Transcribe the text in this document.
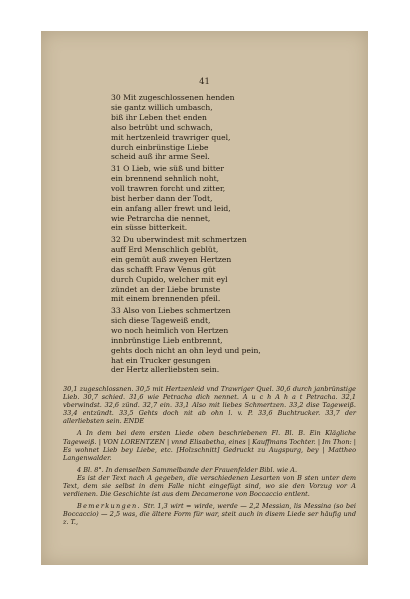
41
30 Mit zugeschlossenen henden
sie gantz willich umbasch,
biß ihr Leben thet enden
also betrübt und schwach,
mit hertzenleid trawriger quel,
durch einbrünstige Liebe
scheid auß ihr arme Seel.
31 O Lieb, wie süß und bitter
ein brennend sehnlich noht,
voll trawren forcht und zitter,
bist herber dann der Todt,
ein anfang aller frewt und leid,
wie Petrarcha die nennet,
ein süsse bitterkeit.
32 Du uberwindest mit schmertzen
auff Erd Menschlich geblüt,
ein gemüt auß zweyen Hertzen
das schafft Fraw Venus güt
durch Cupido, welcher mit eyl
zündet an der Liebe brunste
mit einem brennenden pfeil.
33 Also von Liebes schmertzen
sich diese Tageweiß endt,
wo noch heimlich von Hertzen
innbrünstige Lieb entbrennt,
gehts doch nicht an ohn leyd und pein,
hat ein Trucker gesungen
der Hertz allerliebsten sein.

30,1 zugeschlossnen. 30,5 mit Hertzenleid vnd Trawriger Quel. 30,6 durch janbrünstige Lieb. 30,7 schied. 31,6 wie Petracha dich nennet. A u c h A h a t Petracha. 32,1 vberwindst. 32,6 zünd. 32,7 ein. 33,1 Also mit liebes Schmertzen. 33,2 dise Tageweiß. 33,4 entzündt. 33,5 Gehts doch nit ab ohn l. v. P. 33,6 Buchtrucker. 33,7 der allerliebsten sein. ENDE

A In dem bei dem ersten Liede oben beschriebenen Fl. Bl. B. Ein Klägliche Tageweiß. | VON LORENTZEN | vnnd Elisabetha, eines | Kauffmans Tochter. | Im Thon: | Es wohnet Lieb bey Liebe, etc. [Holzschnitt] Gedruckt zu Augspurg, bey | Mattheo Langenwalder.

4 Bl. 8°. In demselben Sammelbande der Frauenfelder Bibl. wie A.

Es ist der Text nach A gegeben, die verschiedenen Lesarten von B sten unter dem Text, dem sie selbst in dem Falle nicht eingefügt sind, wo sie den Vorzug vor A verdienen. Die Geschichte ist aus dem Decamerone von Boccaccio entlent.

Bemerkungen. Str. 1,3 wirt = wirde, werde — 2,2 Messian, lis Messina (so bei Boccaccio) — 2,5 was, die ältere Form für war, steit auch in disem Liede ser häufig und z. T.,
